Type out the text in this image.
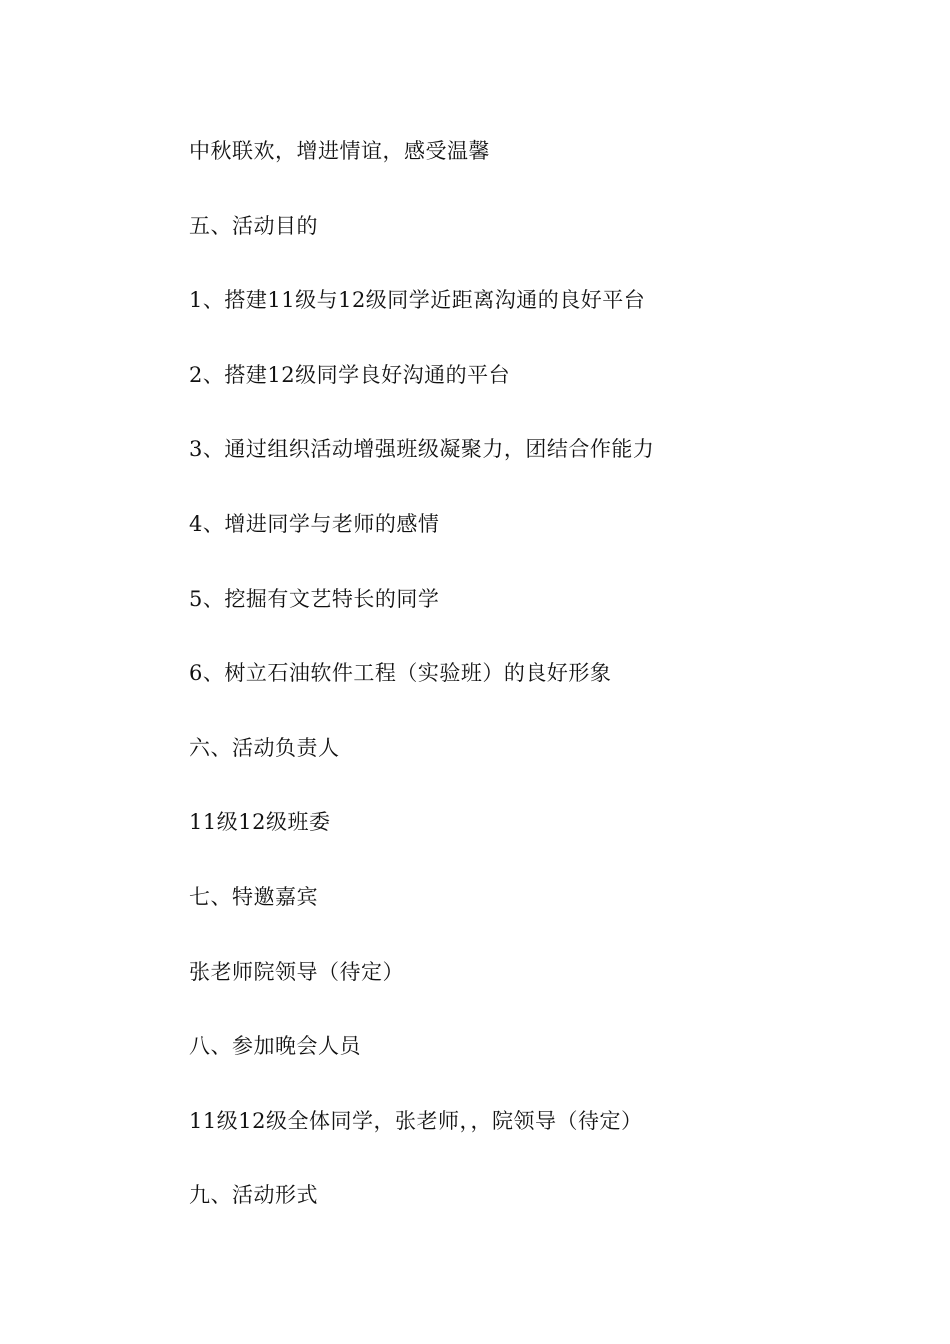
中秋联欢，增进情谊，感受温馨

五、活动目的

1、搭建11级与12级同学近距离沟通的良好平台

2、搭建12级同学良好沟通的平台

3、通过组织活动增强班级凝聚力，团结合作能力

4、增进同学与老师的感情

5、挖掘有文艺特长的同学

6、树立石油软件工程（实验班）的良好形象

六、活动负责人

11级12级班委

七、特邀嘉宾

张老师院领导（待定）

八、参加晚会人员

11级12级全体同学，张老师，，院领导（待定）

九、活动形式
